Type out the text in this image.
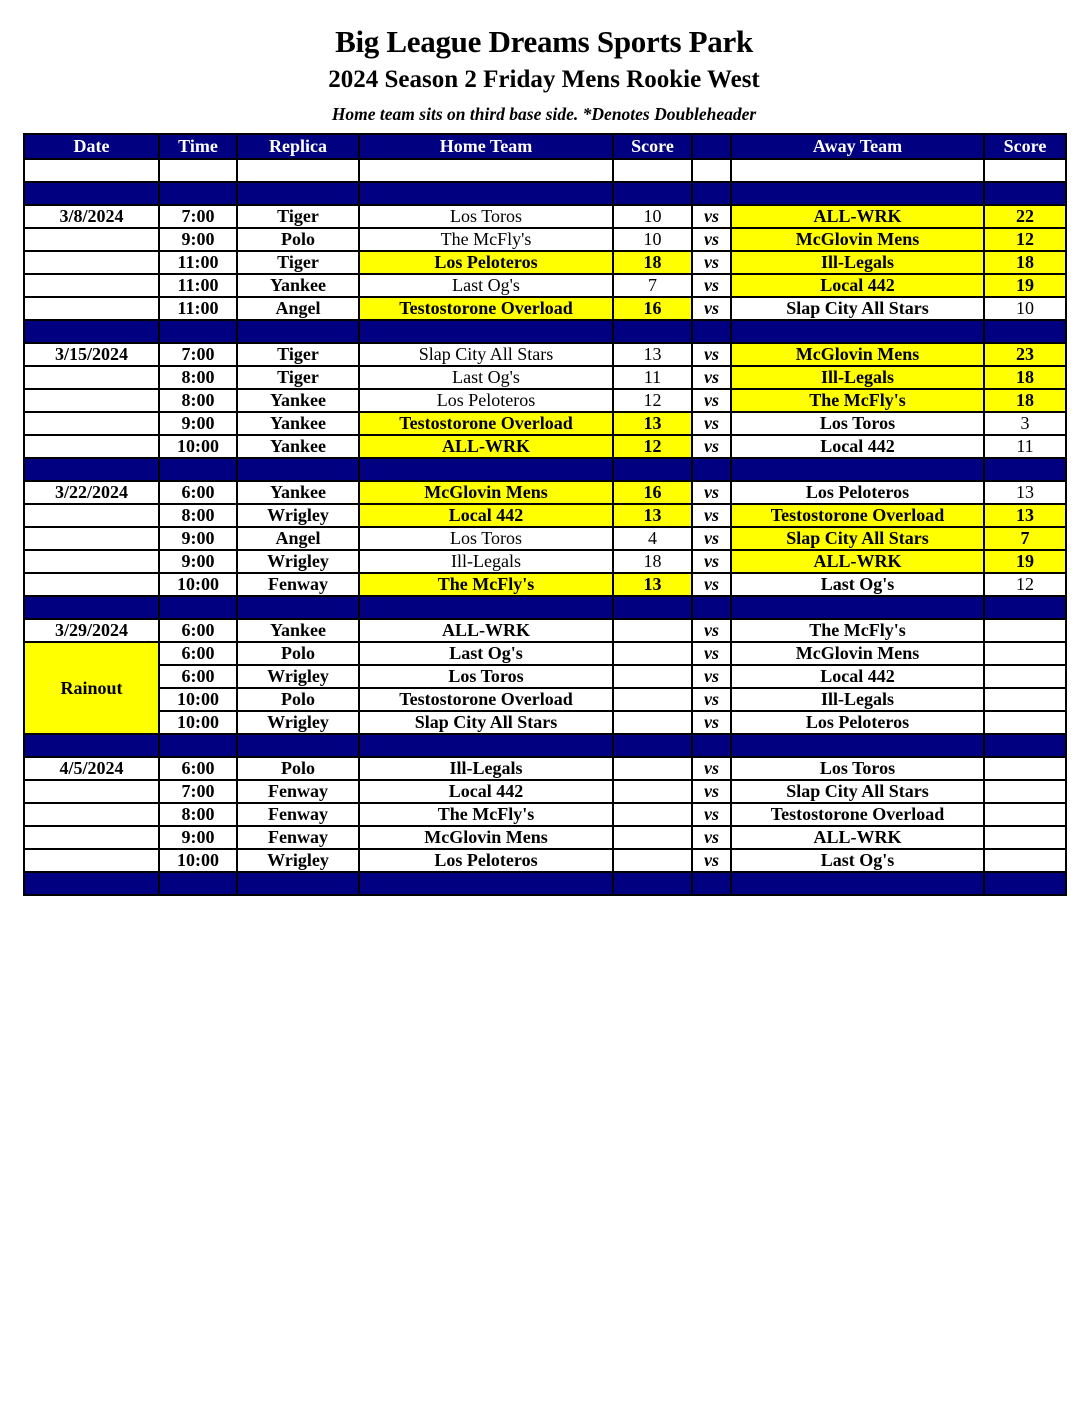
Big League Dreams Sports Park
2024 Season 2 Friday Mens Rookie West
Home team sits on third base side. *Denotes Doubleheader
Date	Time	Replica	Home Team	Score		Away Team	Score

3/8/2024	7:00	Tiger	Los Toros	10	vs	ALL-WRK	22
	9:00	Polo	The McFly's	10	vs	McGlovin Mens	12
	11:00	Tiger	Los Peloteros	18	vs	Ill-Legals	18
	11:00	Yankee	Last Og's	7	vs	Local 442	19
	11:00	Angel	Testostorone Overload	16	vs	Slap City All Stars	10

3/15/2024	7:00	Tiger	Slap City All Stars	13	vs	McGlovin Mens	23
	8:00	Tiger	Last Og's	11	vs	Ill-Legals	18
	8:00	Yankee	Los Peloteros	12	vs	The McFly's	18
	9:00	Yankee	Testostorone Overload	13	vs	Los Toros	3
	10:00	Yankee	ALL-WRK	12	vs	Local 442	11

3/22/2024	6:00	Yankee	McGlovin Mens	16	vs	Los Peloteros	13
	8:00	Wrigley	Local 442	13	vs	Testostorone Overload	13
	9:00	Angel	Los Toros	4	vs	Slap City All Stars	7
	9:00	Wrigley	Ill-Legals	18	vs	ALL-WRK	19
	10:00	Fenway	The McFly's	13	vs	Last Og's	12

3/29/2024	6:00	Yankee	ALL-WRK		vs	The McFly's	
Rainout	6:00	Polo	Last Og's		vs	McGlovin Mens	
	6:00	Wrigley	Los Toros		vs	Local 442	
	10:00	Polo	Testostorone Overload		vs	Ill-Legals	
	10:00	Wrigley	Slap City All Stars		vs	Los Peloteros	

4/5/2024	6:00	Polo	Ill-Legals		vs	Los Toros	
	7:00	Fenway	Local 442		vs	Slap City All Stars	
	8:00	Fenway	The McFly's		vs	Testostorone Overload	
	9:00	Fenway	McGlovin Mens		vs	ALL-WRK	
	10:00	Wrigley	Los Peloteros		vs	Last Og's	
